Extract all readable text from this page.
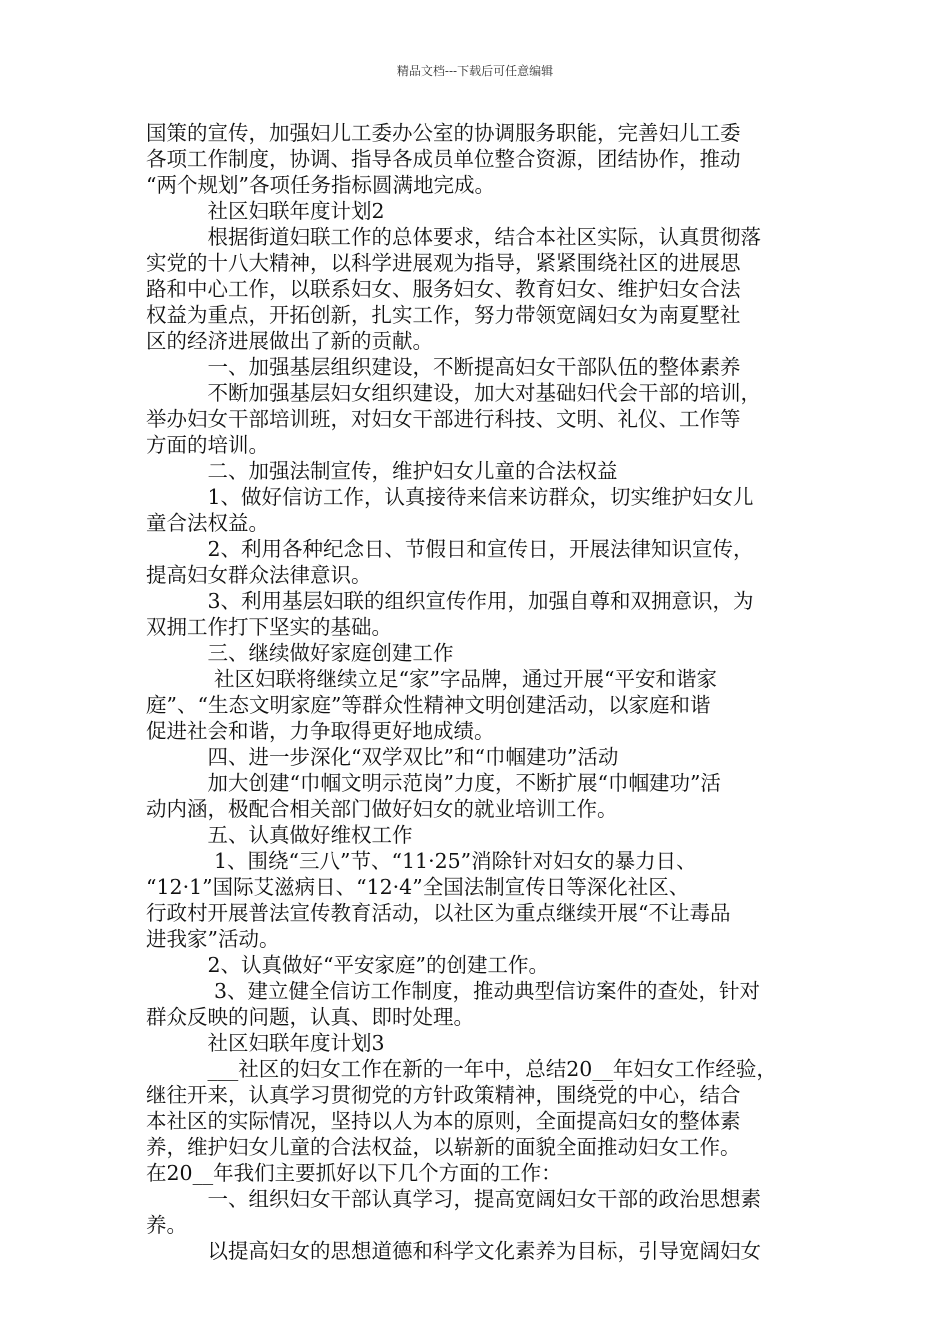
精品文档---下载后可任意编辑
国策的宣传，加强妇儿工委办公室的协调服务职能，完善妇儿工委
各项工作制度，协调、指导各成员单位整合资源，团结协作，推动
“两个规划”各项任务指标圆满地完成。
　　　社区妇联年度计划2
　　　根据街道妇联工作的总体要求，结合本社区实际，认真贯彻落
实党的十八大精神，以科学进展观为指导，紧紧围绕社区的进展思
路和中心工作，以联系妇女、服务妇女、教育妇女、维护妇女合法
权益为重点，开拓创新，扎实工作，努力带领宽阔妇女为南夏墅社
区的经济进展做出了新的贡献。
　　　一、加强基层组织建设，不断提高妇女干部队伍的整体素养
　　　不断加强基层妇女组织建设，加大对基础妇代会干部的培训，
举办妇女干部培训班，对妇女干部进行科技、文明、礼仪、工作等
方面的培训。
　　　二、加强法制宣传，维护妇女儿童的合法权益
　　　1、做好信访工作，认真接待来信来访群众，切实维护妇女儿
童合法权益。
　　　2、利用各种纪念日、节假日和宣传日，开展法律知识宣传，
提高妇女群众法律意识。
　　　3、利用基层妇联的组织宣传作用，加强自尊和双拥意识，为
双拥工作打下坚实的基础。
　　　三、继续做好家庭创建工作
　　　 社区妇联将继续立足“家”字品牌，通过开展“平安和谐家
庭”、“生态文明家庭”等群众性精神文明创建活动，以家庭和谐
促进社会和谐，力争取得更好地成绩。
　　　四、进一步深化“双学双比”和“巾帼建功”活动
　　　加大创建“巾帼文明示范岗”力度，不断扩展“巾帼建功”活
动内涵，极配合相关部门做好妇女的就业培训工作。
　　　五、认真做好维权工作
　　　 1、围绕“三八”节、“11·25”消除针对妇女的暴力日、
“12·1”国际艾滋病日、“12·4”全国法制宣传日等深化社区、
行政村开展普法宣传教育活动，以社区为重点继续开展“不让毒品
进我家”活动。
　　　2、认真做好“平安家庭”的创建工作。
　　　 3、建立健全信访工作制度，推动典型信访案件的查处，针对
群众反映的问题，认真、即时处理。
　　　社区妇联年度计划3
　　　___社区的妇女工作在新的一年中，总结20__年妇女工作经验，
继往开来，认真学习贯彻党的方针政策精神，围绕党的中心，结合
本社区的实际情况，坚持以人为本的原则，全面提高妇女的整体素
养，维护妇女儿童的合法权益，以崭新的面貌全面推动妇女工作。
在20__年我们主要抓好以下几个方面的工作：
　　　一、组织妇女干部认真学习，提高宽阔妇女干部的政治思想素
养。
　　　以提高妇女的思想道德和科学文化素养为目标，引导宽阔妇女
